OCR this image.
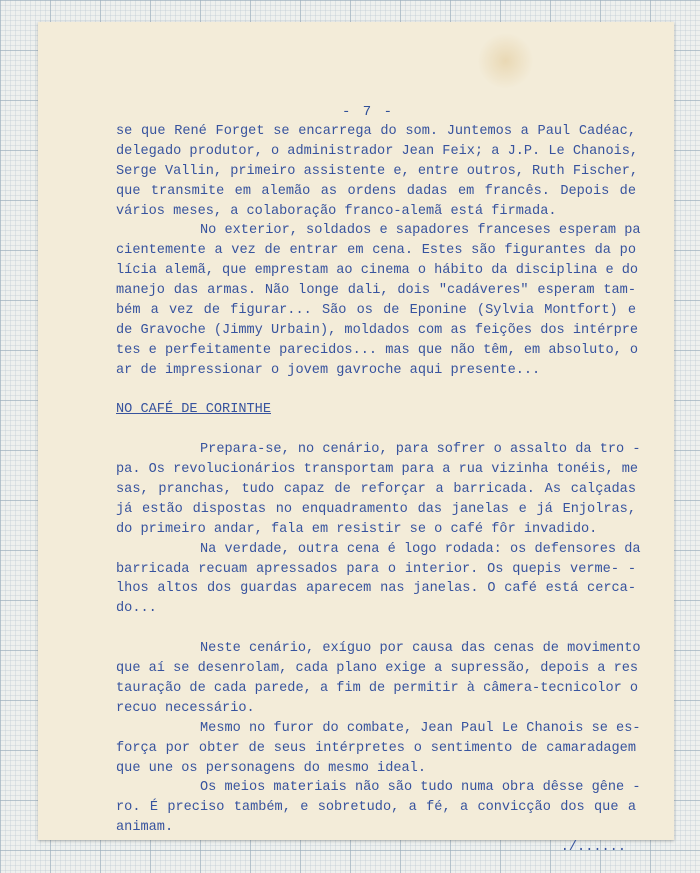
- 7 -
se que René Forget se encarrega do som. Juntemos a Paul Cadéac,
delegado produtor, o administrador Jean Feix; a J.P. Le Chanois,
Serge Vallin, primeiro assistente e, entre outros, Ruth Fischer,
que transmite em alemão as ordens dadas em francês. Depois de
vários meses, a colaboração franco-alemã está firmada.
No exterior, soldados e sapadores franceses esperam pa
cientemente a vez de entrar em cena. Estes são figurantes da po
lícia alemã, que emprestam ao cinema o hábito da disciplina e do
manejo das armas. Não longe dali, dois "cadáveres" esperam tam-
bém a vez de figurar... São os de Eponine (Sylvia Montfort) e
de Gravoche (Jimmy Urbain), moldados com as feições dos intérpre
tes e perfeitamente parecidos... mas que não têm, em absoluto, o
ar de impressionar o jovem gavroche aqui presente...
NO CAFÉ DE CORINTHE
Prepara-se, no cenário, para sofrer o assalto da tro -
pa. Os revolucionários transportam para a rua vizinha tonéis, me
sas, pranchas, tudo capaz de reforçar a barricada. As calçadas
já estão dispostas no enquadramento das janelas e já Enjolras,
do primeiro andar, fala em resistir se o café fôr invadido.
Na verdade, outra cena é logo rodada: os defensores da
barricada recuam apressados para o interior. Os quepis verme- -
lhos altos dos guardas aparecem nas janelas. O café está cerca-
do...
Neste cenário, exíguo por causa das cenas de movimento
que aí se desenrolam, cada plano exige a supressão, depois a res
tauração de cada parede, a fim de permitir à câmera-tecnicolor o
recuo necessário.
Mesmo no furor do combate, Jean Paul Le Chanois se es-
força por obter de seus intérpretes o sentimento de camaradagem
que une os personagens do mesmo ideal.
Os meios materiais não são tudo numa obra dêsse gêne -
ro. É preciso também, e sobretudo, a fé, a convicção dos que a
animam.
./......
